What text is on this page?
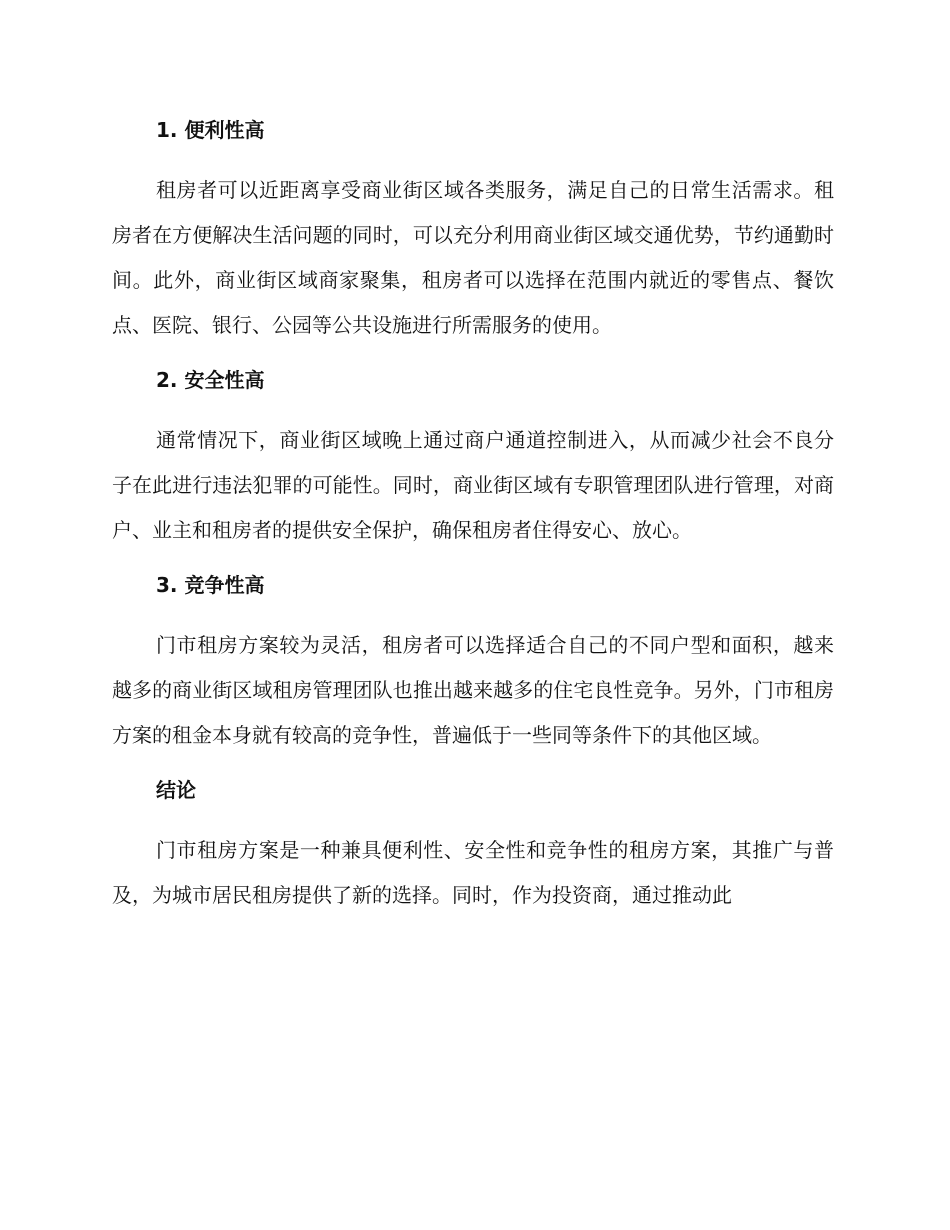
1. 便利性高
租房者可以近距离享受商业街区域各类服务，满足自己的日常生活需求。租房者在方便解决生活问题的同时，可以充分利用商业街区域交通优势，节约通勤时间。此外，商业街区域商家聚集，租房者可以选择在范围内就近的零售点、餐饮点、医院、银行、公园等公共设施进行所需服务的使用。
2. 安全性高
通常情况下，商业街区域晚上通过商户通道控制进入，从而减少社会不良分子在此进行违法犯罪的可能性。同时，商业街区域有专职管理团队进行管理，对商户、业主和租房者的提供安全保护，确保租房者住得安心、放心。
3. 竞争性高
门市租房方案较为灵活，租房者可以选择适合自己的不同户型和面积，越来越多的商业街区域租房管理团队也推出越来越多的住宅良性竞争。另外，门市租房方案的租金本身就有较高的竞争性，普遍低于一些同等条件下的其他区域。
结论
门市租房方案是一种兼具便利性、安全性和竞争性的租房方案，其推广与普及，为城市居民租房提供了新的选择。同时，作为投资商，通过推动此
